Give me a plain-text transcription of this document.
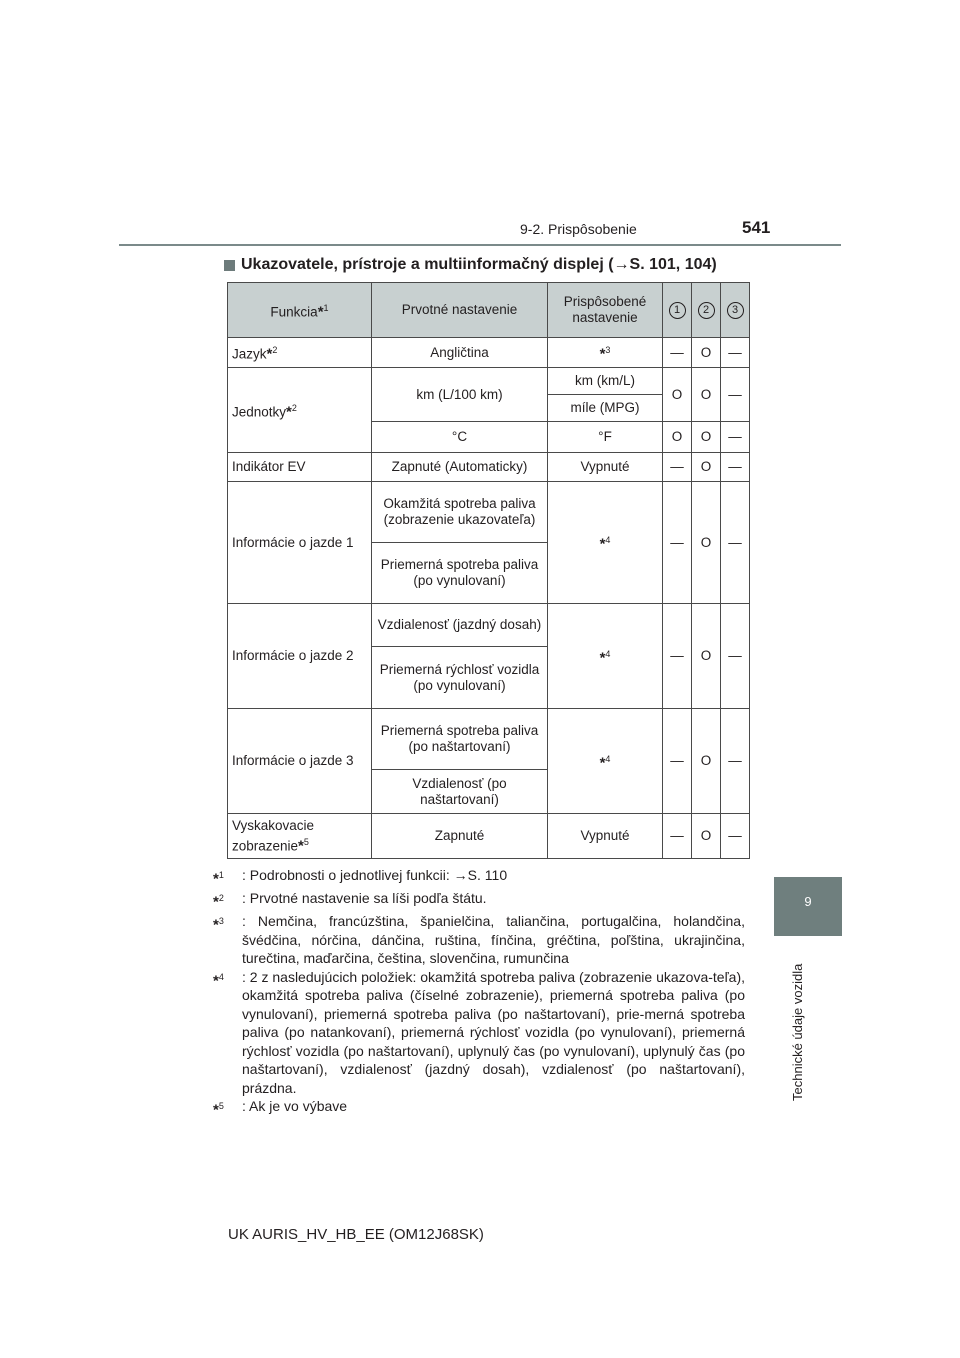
9-2. Prispôsobenie	541
Ukazovatele, prístroje a multiinformačný displej (→S. 101, 104)
9
Technické údaje vozidla
Funkcia*$^1$	Prvotné nastavenie	Prispôsobené nastavenie	1	2	3
Jazyk*$^2$	Angličtina	*$^3$	—	O	—
Jednotky*$^2$	km (L/100 km)	km (km/L)	O	O	—
		míle (MPG)			
	°C	°F	O	O	—
Indikátor EV	Zapnuté (Automaticky)	Vypnuté	—	O	—
Informácie o jazde 1	Okamžitá spotreba paliva (zobrazenie ukazovateľa)	*$^4$	—	O	—
	Priemerná spotreba paliva (po vynulovaní)				
Informácie o jazde 2	Vzdialenosť (jazdný dosah)	*$^4$	—	O	—
	Priemerná rýchlosť vozidla (po vynulovaní)				
Informácie o jazde 3	Priemerná spotreba paliva (po naštartovaní)	*$^4$	—	O	—
	Vzdialenosť (po naštartovaní)				
Vyskakovacie zobrazenie*$^5$	Zapnuté	Vypnuté	—	O	—
*$^1$	: Podrobnosti o jednotlivej funkcii: →S. 110
*$^2$	: Prvotné nastavenie sa líši podľa štátu.
*$^3$	: Nemčina, francúzština, španielčina, taliančina, portugalčina, holandčina, švédčina, nórčina, dánčina, ruština, fínčina, gréčtina, poľština, ukrajinčina, turečtina, maďarčina, čeština, slovenčina, rumunčina
*$^4$	: 2 z nasledujúcich položiek: okamžitá spotreba paliva (zobrazenie ukazova-teľa), okamžitá spotreba paliva (číselné zobrazenie), priemerná spotreba paliva (po vynulovaní), priemerná spotreba paliva (po naštartovaní), prie-merná spotreba paliva (po natankovaní), priemerná rýchlosť vozidla (po vynulovaní), priemerná rýchlosť vozidla (po naštartovaní), uplynulý čas (po vynulovaní), uplynulý čas (po naštartovaní), vzdialenosť (jazdný dosah), vzdialenosť (po naštartovaní), prázdna.
*$^5$	: Ak je vo výbave
UK AURIS_HV_HB_EE (OM12J68SK)
